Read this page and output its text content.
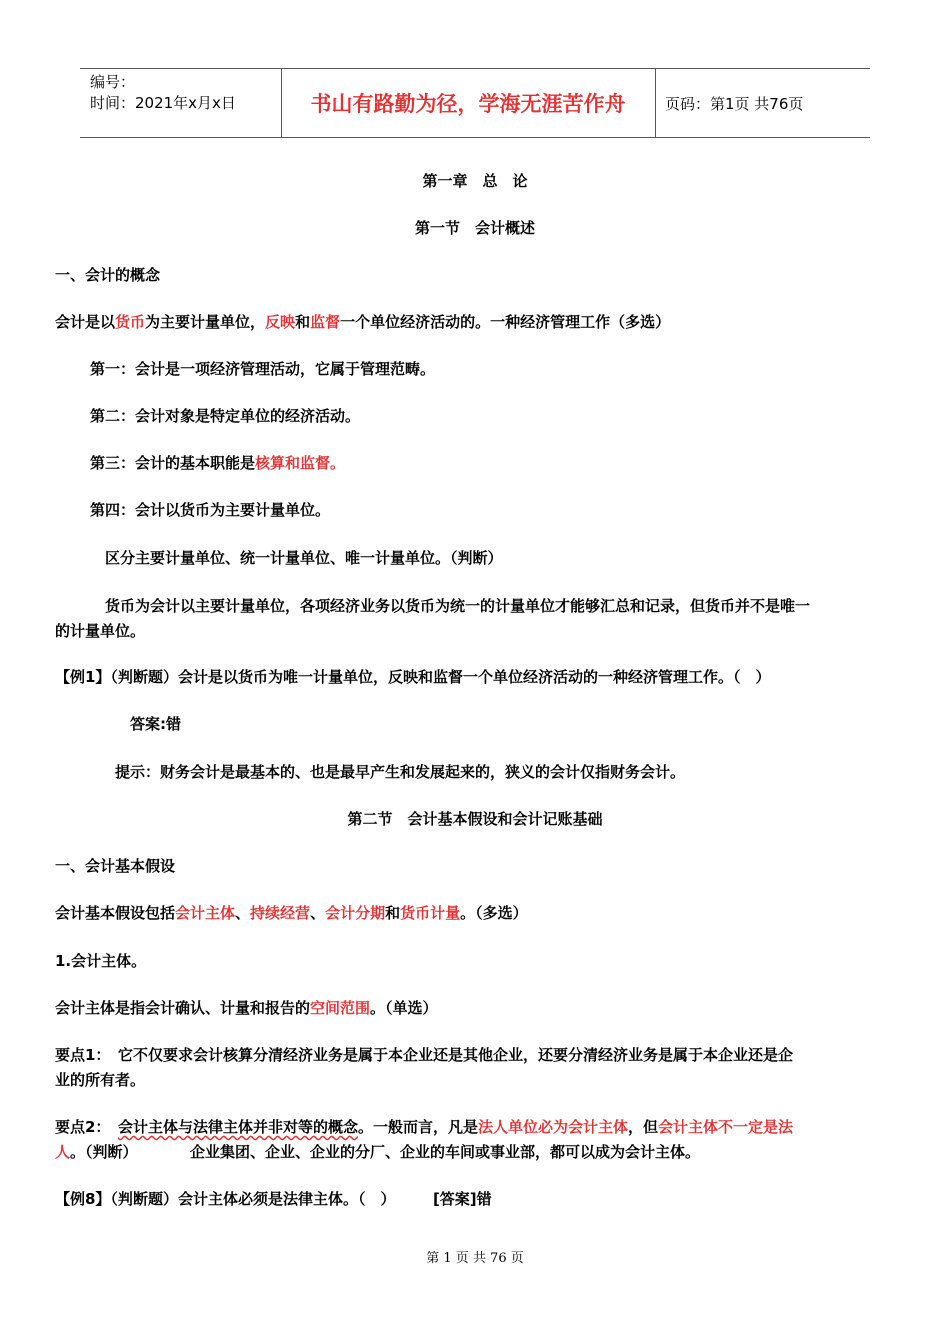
编号：
时间：2021年x月x日	书山有路勤为径，学海无涯苦作舟	页码：第1页 共76页
第一章　总　论
第一节　会计概述
一、会计的概念
会计是以货币为主要计量单位，反映和监督一个单位经济活动的。一种经济管理工作（多选）
第一：会计是一项经济管理活动，它属于管理范畴。
第二：会计对象是特定单位的经济活动。
第三：会计的基本职能是核算和监督。
第四：会计以货币为主要计量单位。
区分主要计量单位、统一计量单位、唯一计量单位。（判断）
货币为会计以主要计量单位，各项经济业务以货币为统一的计量单位才能够汇总和记录，但货币并不是唯一
的计量单位。
【例1】（判断题）会计是以货币为唯一计量单位，反映和监督一个单位经济活动的一种经济管理工作。（　）
答案:错
提示：财务会计是最基本的、也是最早产生和发展起来的，狭义的会计仅指财务会计。
第二节　会计基本假设和会计记账基础
一、会计基本假设
会计基本假设包括会计主体、持续经营、会计分期和货币计量。（多选）
1.会计主体。
会计主体是指会计确认、计量和报告的空间范围。（单选）
要点1：　它不仅要求会计核算分清经济业务是属于本企业还是其他企业，还要分清经济业务是属于本企业还是企
业的所有者。
要点2：　会计主体与法律主体并非对等的概念。一般而言，凡是法人单位必为会计主体，但会计主体不一定是法
人。（判断）　　　　企业集团、企业、企业的分厂、企业的车间或事业部，都可以成为会计主体。
【例8】（判断题）会计主体必须是法律主体。（　）　　　[答案]错
第 1 页 共 76 页
